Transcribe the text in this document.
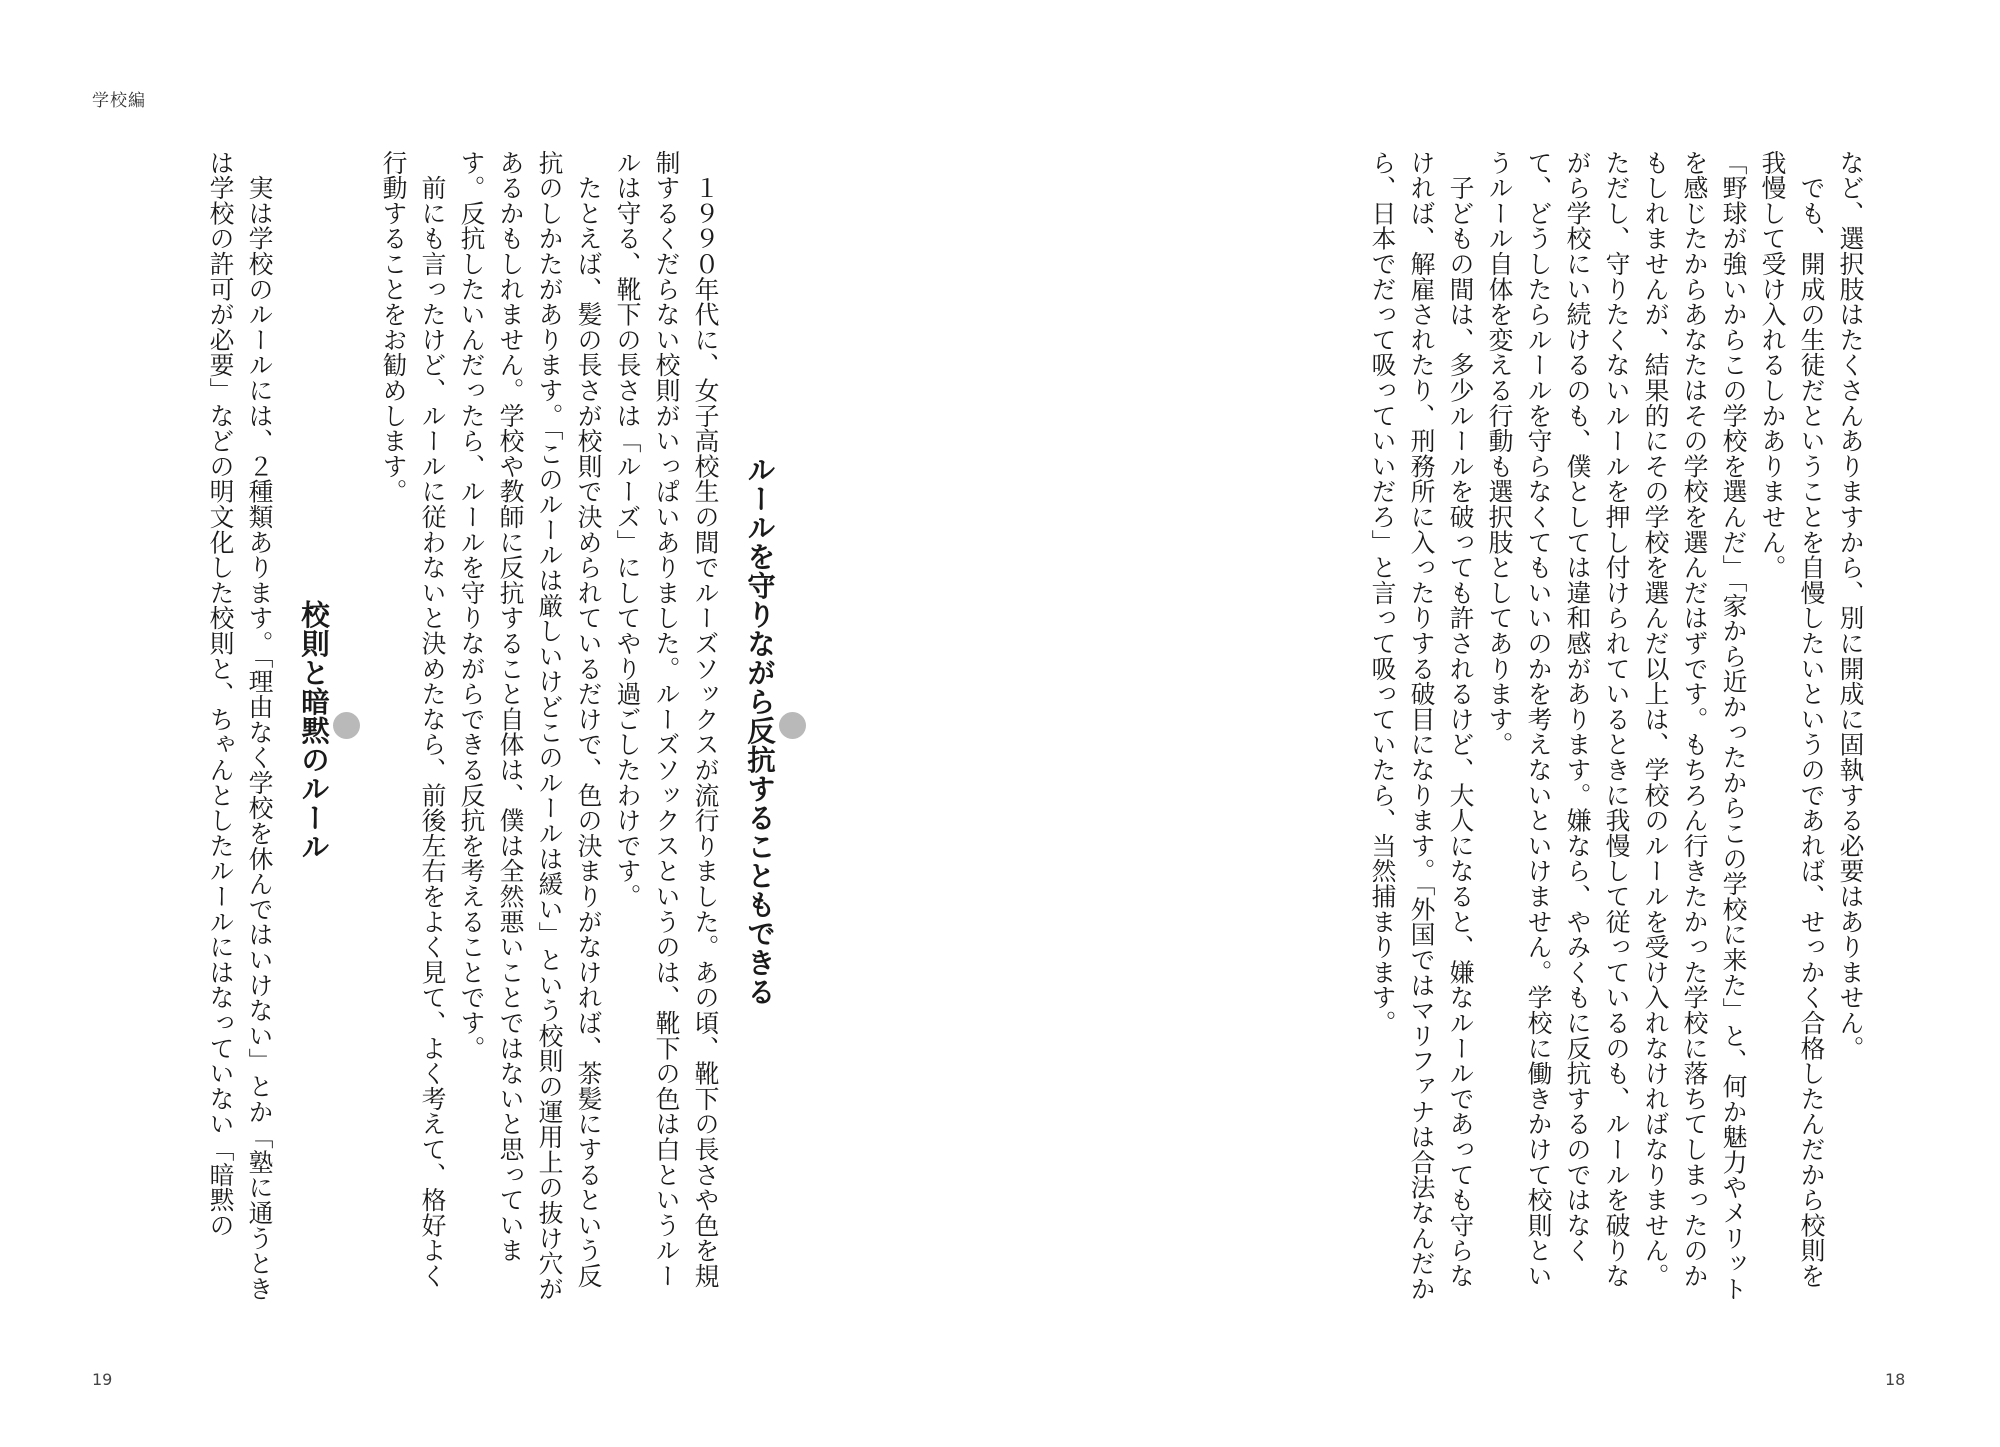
学校編

など、選択肢はたくさんありますから、別に開成に固執する必要はありません。

　でも、開成の生徒だということを自慢したいというのであれば、せっかく合格したんだから校則を我慢して受け入れるしかありません。

「野球が強いからこの学校を選んだ」「家から近かったからこの学校に来た」と、何か魅力やメリットを感じたからあなたはその学校を選んだはずです。もちろん行きたかった学校に落ちてしまったのかもしれませんが、結果的にその学校を選んだ以上は、学校のルールを受け入れなければなりません。

ただし、守りたくないルールを押し付けられているときに我慢して従っているのも、ルールを破りながら学校にい続けるのも、僕としては違和感があります。嫌なら、やみくもに反抗するのではなくて、どうしたらルールを守らなくてもいいのかを考えないといけません。学校に働きかけて校則というルール自体を変える行動も選択肢としてあります。

　子どもの間は、多少ルールを破っても許されるけど、大人になると、嫌なルールであっても守らなければ、解雇されたり、刑務所に入ったりする破目になります。「外国ではマリファナは合法なんだから、日本でだって吸っていいだろ」と言って吸っていたら、当然捕まります。

ルールを守りながら反抗することもできる

　１９９０年代に、女子高校生の間でルーズソックスが流行りました。あの頃、靴下の長さや色を規制するくだらない校則がいっぱいありました。ルーズソックスというのは、靴下の色は白というルールは守る、靴下の長さは「ルーズ」にしてやり過ごしたわけです。

　たとえば、髪の長さが校則で決められているだけで、色の決まりがなければ、茶髪にするという反抗のしかたがあります。「このルールは厳しいけどこのルールは緩い」という校則の運用上の抜け穴があるかもしれません。学校や教師に反抗すること自体は、僕は全然悪いことではないと思っています。反抗したいんだったら、ルールを守りながらできる反抗を考えることです。

　前にも言ったけど、ルールに従わないと決めたなら、前後左右をよく見て、よく考えて、格好よく行動することをお勧めします。

校則と暗黙のルール

　実は学校のルールには、２種類あります。「理由なく学校を休んではいけない」とか「塾に通うときは学校の許可が必要」などの明文化した校則と、ちゃんとしたルールにはなっていない「暗黙の

19	18
